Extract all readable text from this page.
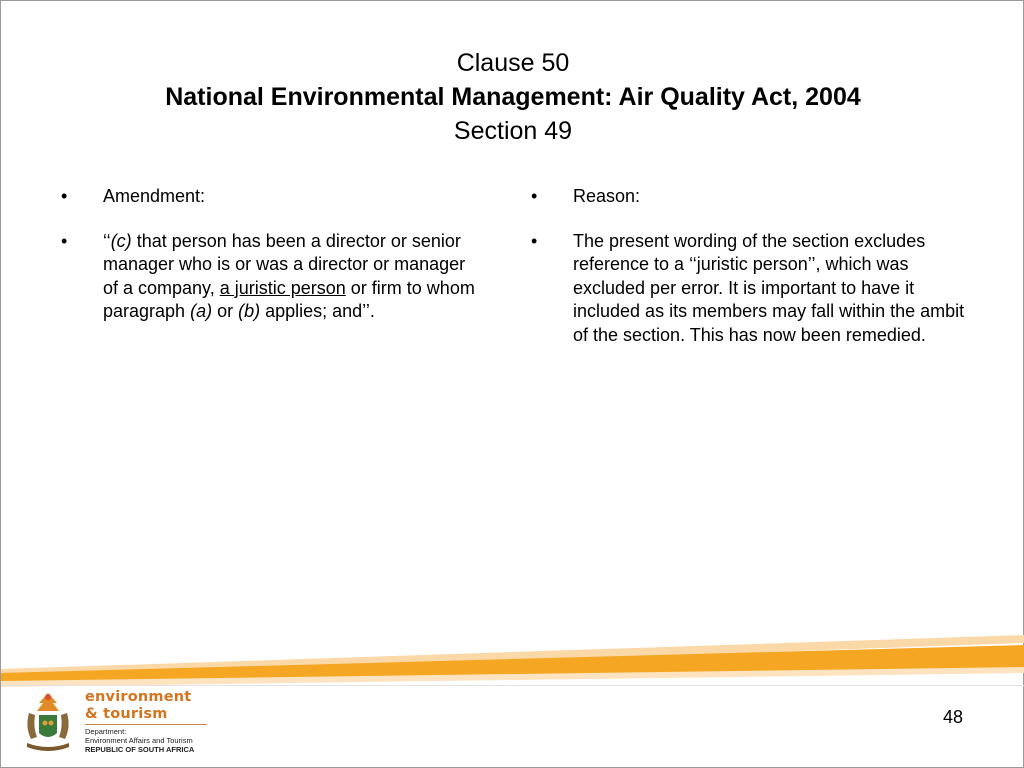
Clause 50
National Environmental Management: Air Quality Act, 2004
Section 49
•	Amendment:
•	‘‘(c) that person has been a director or senior manager who is or was a director or manager of a company, a juristic person or firm to whom paragraph (a) or (b) applies; and’’.
•	Reason:
•	The present wording of the section excludes reference to a ‘‘juristic person’’, which was excluded per error. It is important to have it included as its members may fall within the ambit of the section. This has now been remedied.
environment
& tourism
Department:
Environment Affairs and Tourism
REPUBLIC OF SOUTH AFRICA
48
